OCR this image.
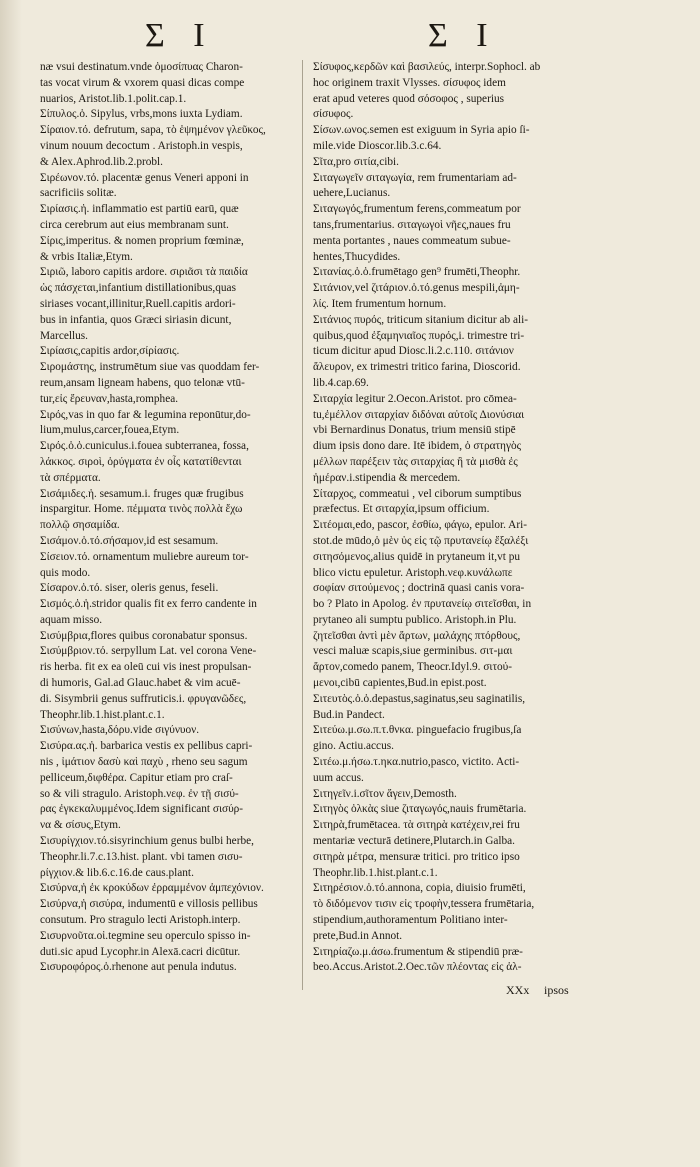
Σ I	Σ I

næ vsui destinatum.vnde ὁμοσίπυας Charon-

tas vocat virum & vxorem quasi dicas compe

nuarios, Aristot.lib.1.polit.cap.1.

Σίπυλος.ὁ. Sipylus, vrbs,mons iuxta Lydiam.

Σίραιον.τό. defrutum, sapa, τὸ ἑψημένον γλεῦκος,

vinum nouum decoctum . Aristoph.in vespis,

& Alex.Aphrod.lib.2.probl.

Σιρέωνον.τό. placentæ genus Veneri apponi in

sacrificiis solitæ.

Σιρίασις.ἡ. inflammatio est partiū earū, quæ

circa cerebrum aut eius membranam sunt.

Σίρις,imperitus. & nomen proprium fœminæ,

& vrbis Italiæ,Etym.

Σιριῶ, laboro capitis ardore. σιριᾶσι τὰ παιδία

ὡς πάσχεται,infantium distillationibus,quas

siriases vocant,illinitur,Ruell.capitis ardori-

bus in infantia, quos Græci siriasin dicunt,

Marcellus.

Σιρίασις,capitis ardor,σίρίασις.

Σιρομάστης, instrumētum siue vas quoddam fer-

reum,ansam ligneam habens, quo telonæ vtū-

tur,εἰς ἔρευναν,hasta,romphea.

Σιρός,vas in quo far & legumina reponūtur,do-

lium,mulus,carcer,fouea,Etym.

Σιρός.ὁ.ὁ.cuniculus.i.fouea subterranea, fossa,

λάκκος. σιροὶ, ὀρύγματα ἐν οἷς κατατίθενται

τὰ σπέρματα.

Σισάμιδες.ἡ. sesamum.i. fruges quæ frugibus

inspargitur. Home. πέμματα τινὸς πολλὰ ἔχω

πολλῷ σησαμίδα.

Σισάμον.ὁ.τό.σήσαμον,id est sesamum.

Σίσειον.τό. ornamentum muliebre aureum tor-

quis modo.

Σίσαρον.ὁ.τό. siser, oleris genus, feseli.

Σισμός.ὁ.ἡ.stridor qualis fit ex ferro candente in

aquam misso.

Σισύμβρια,flores quibus coronabatur sponsus.

Σισύμβριον.τό. serpyllum Lat. vel corona Vene-

ris herba. fit ex ea oleū cui vis inest propulsan-

di humoris, Gal.ad Glauc.habet & vim acuē-

di. Sisymbrii genus suffruticis.i. φρυγανῶδες,

Theophr.lib.1.hist.plant.c.1.

Σισύνων,hasta,δόρυ.vide σιγύνυον.

Σισύρα.ας.ἡ. barbarica vestis ex pellibus capri-

nis , ἱμάτιον δασὺ καὶ παχὺ , rheno seu sagum

pelliceum,διφθέρα. Capitur etiam pro craſ-

so & vili stragulo. Aristoph.νεφ. ἐν τῇ σισύ-

ρας ἐγκεκαλυμμένος.Idem significant σισύρ-

να & σίσυς,Etym.

Σισυρίγχιον.τό.sisyrinchium genus bulbi herbe,

Theophr.li.7.c.13.hist. plant. vbi tamen σισυ-

ρίγχιον.& lib.6.c.16.de caus.plant.

Σισύρνα,ἡ ἐκ κροκύδων ἐρραμμένον ἀμπεχόνιον.

Σισύρνα,ἡ σισύρα, indumentū e villosis pellibus

consutum. Pro stragulo lecti Aristoph.interp.

Σισυρνοῦτα.οἱ.tegmine seu operculo spisso in-

duti.sic apud Lycophr.in Alexā.cacri dicūtur.

Σισυροφόρος.ὁ.rhenone aut penula indutus.

Σίσυφος,κερδῶν καὶ βασιλεύς, interpr.Sophocl. ab

hoc originem traxit Vlysses. σίσυφος idem

erat apud veteres quod σόσοφος , superius

σίσυφος.

Σίσων.ωνος.semen est exiguum in Syria apio ſi-

mile.vide Dioscor.lib.3.c.64.

Σῖτα,pro σιτία,cibi.

Σιταγωγεῖν σιταγωγία, rem frumentariam ad-

uehere,Lucianus.

Σιταγωγός,frumentum ferens,commeatum por

tans,frumentarius. σιταγωγοὶ νῆες,naues fru

menta portantes , naues commeatum subue-

hentes,Thucydides.

Σιτανίας.ὁ.ὁ.frumētago gen⁹ frumēti,Theophr.

Σιτάνιον,vel ζιτάριον.ὁ.τό.genus mespili,ἀμη-

λίς. Item frumentum hornum.

Σιτάνιος πυρός, triticum sitanium dicitur ab ali-

quibus,quod ἐξαμηνιαῖος πυρός,i. trimestre tri-

ticum dicitur apud Diosc.li.2.c.110. σιτάνιον

ἄλευρον, ex trimestri tritico farina, Dioscorid.

lib.4.cap.69.

Σιταρχία legitur 2.Oecon.Aristot. pro cōmea-

tu,ἐμέλλον σιταρχίαν διδόναι αὐτοῖς Διονύσιαι

vbi Bernardinus Donatus, trium mensiū stipē

dium ipsis dono dare. Itē ibidem, ὁ στρατηγὸς

μέλλων παρέξειν τὰς σιταρχίας ἢ τὰ μισθὰ ἐς

ἡμέραν.i.stipendia & mercedem.

Σίταρχος, commeatui , vel ciborum sumptibus

præfectus. Et σιταρχία,ipsum officium.

Σιτέομαι,edo, pascor, ἐσθίω, φάγω, epulor. Ari-

stot.de mūdo,ὁ μὲν ὑς εἰς τῷ πρυτανείῳ ἔξαλέξι

σιτησόμενος,alius quidē in prytaneum it,vt pu

blico victu epuletur. Aristoph.νεφ.κυνάλωπε

σοφίαν σιτούμενος ; doctrinā quasi canis vora-

bo ? Plato in Apolog. ἐν πρυτανείῳ σιτεῖσθαι, in

prytaneo ali sumptu publico. Aristoph.in Plu.

ζητεῖσθαι ἀντὶ μὲν ἄρτων, μαλάχης πτόρθους,

vesci maluæ scapis,siue germinibus. σιτ-μαι

ἄρτον,comedo panem, Theocr.Idyl.9. σιτού-

μενοι,cibū capientes,Bud.in epist.post.

Σιτευτὸς.ὁ.ὁ.depastus,saginatus,seu saginatilis,

Bud.in Pandect.

Σιτεύω.μ.σω.π.τ.θνκα. pinguefacio frugibus,ſa

gino. Actiu.accus.

Σιτέω.μ.ήσω.τ.ηκα.nutrio,pasco, victito. Acti-

uum accus.

Σιτηγεῖν.i.σῖτον ἄγειν,Demosth.

Σιτηγὸς ὁλκὰς siue ζιταγωγός,nauis frumētaria.

Σιτηρὰ,frumētacea. τὰ σιτηρὰ κατέχειν,rei fru

mentariæ vecturā detinere,Plutarch.in Galba.

σιτηρὰ μέτρα, mensuræ tritici. pro tritico ipso

Theophr.lib.1.hist.plant.c.1.

Σιτηρέσιον.ὁ.τό.annona, copia, diuisio frumēti,

τὸ διδόμενον τισιν εἰς τροφὴν,tessera frumētaria,

stipendium,authoramentum Politiano inter-

prete,Bud.in Annot.

Σιτηρίαζω.μ.άσω.frumentum & stipendiū præ-

beo.Accus.Aristot.2.Oec.τῶν πλέοντας εἰς ἀλ-

XXx ipsos
